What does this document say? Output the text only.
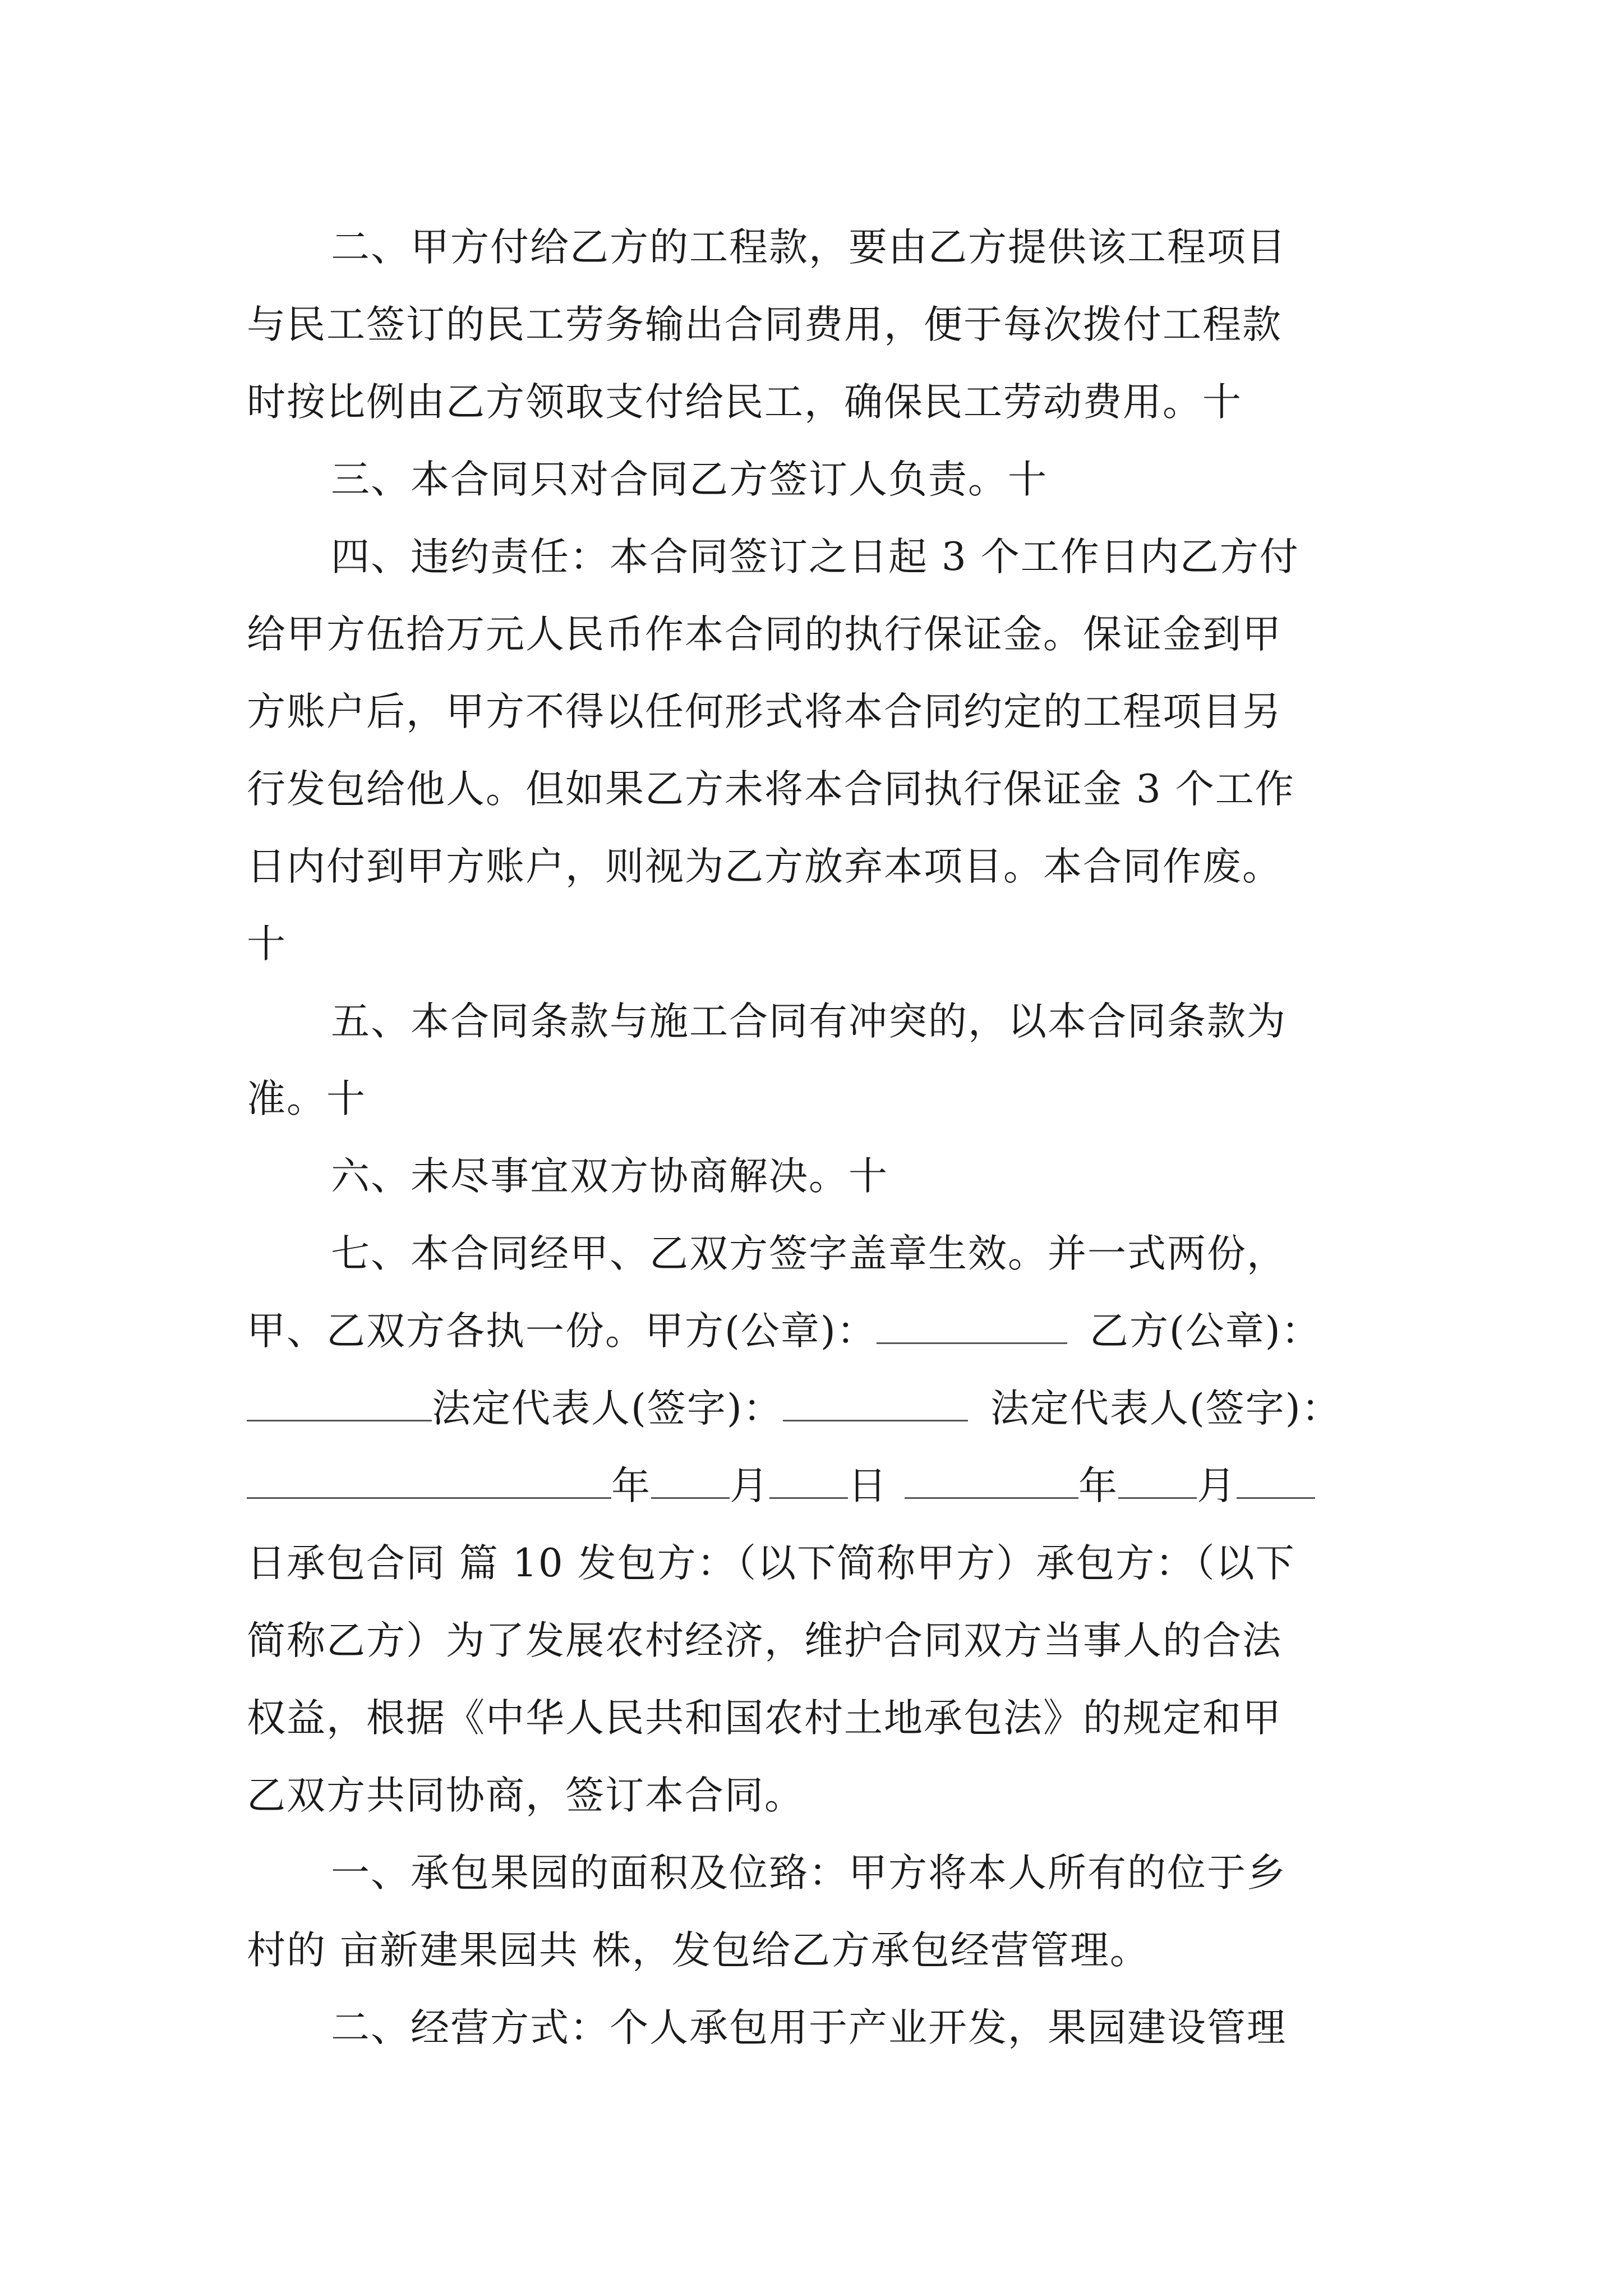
二、甲方付给乙方的工程款，要由乙方提供该工程项目
与民工签订的民工劳务输出合同费用，便于每次拨付工程款
时按比例由乙方领取支付给民工，确保民工劳动费用。十
三、本合同只对合同乙方签订人负责。十
四、违约责任：本合同签订之日起 3 个工作日内乙方付
给甲方伍拾万元人民币作本合同的执行保证金。保证金到甲
方账户后，甲方不得以任何形式将本合同约定的工程项目另
行发包给他人。但如果乙方未将本合同执行保证金 3 个工作
日内付到甲方账户，则视为乙方放弃本项目。本合同作废。
十
五、本合同条款与施工合同有冲突的，以本合同条款为
准。十
六、未尽事宜双方协商解决。十
七、本合同经甲、乙双方签字盖章生效。并一式两份，
甲、乙双方各执一份。甲方(公章)：	乙方(公章)：
法定代表人(签字)：	法定代表人(签字)：
年 月 日	年 月
日承包合同 篇 10 发包方：（以下简称甲方）承包方：（以下
简称乙方）为了发展农村经济，维护合同双方当事人的合法
权益，根据《中华人民共和国农村土地承包法》的规定和甲
乙双方共同协商，签订本合同。
一、承包果园的面积及位臵：甲方将本人所有的位于乡
村的 亩新建果园共 株，发包给乙方承包经营管理。
二、经营方式：个人承包用于产业开发，果园建设管理
